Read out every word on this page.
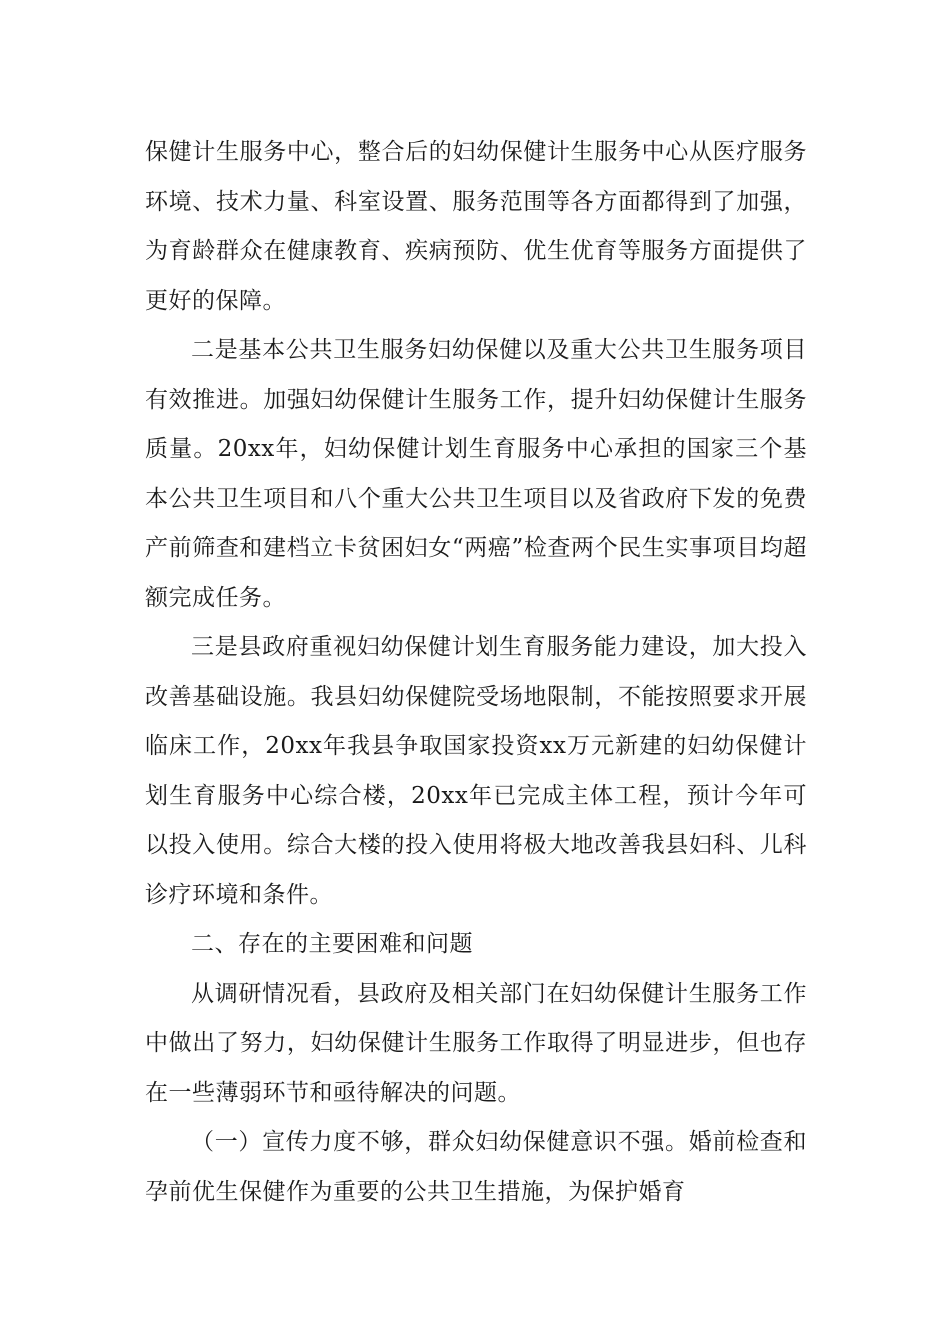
保健计生服务中心，整合后的妇幼保健计生服务中心从医疗服务环境、技术力量、科室设置、服务范围等各方面都得到了加强，为育龄群众在健康教育、疾病预防、优生优育等服务方面提供了更好的保障。

二是基本公共卫生服务妇幼保健以及重大公共卫生服务项目有效推进。加强妇幼保健计生服务工作，提升妇幼保健计生服务质量。20xx年，妇幼保健计划生育服务中心承担的国家三个基本公共卫生项目和八个重大公共卫生项目以及省政府下发的免费产前筛查和建档立卡贫困妇女“两癌”检查两个民生实事项目均超额完成任务。

三是县政府重视妇幼保健计划生育服务能力建设，加大投入改善基础设施。我县妇幼保健院受场地限制，不能按照要求开展临床工作，20xx年我县争取国家投资xx万元新建的妇幼保健计划生育服务中心综合楼，20xx年已完成主体工程，预计今年可以投入使用。综合大楼的投入使用将极大地改善我县妇科、儿科诊疗环境和条件。

二、存在的主要困难和问题

从调研情况看，县政府及相关部门在妇幼保健计生服务工作中做出了努力，妇幼保健计生服务工作取得了明显进步，但也存在一些薄弱环节和亟待解决的问题。

（一）宣传力度不够，群众妇幼保健意识不强。婚前检查和孕前优生保健作为重要的公共卫生措施，为保护婚育
